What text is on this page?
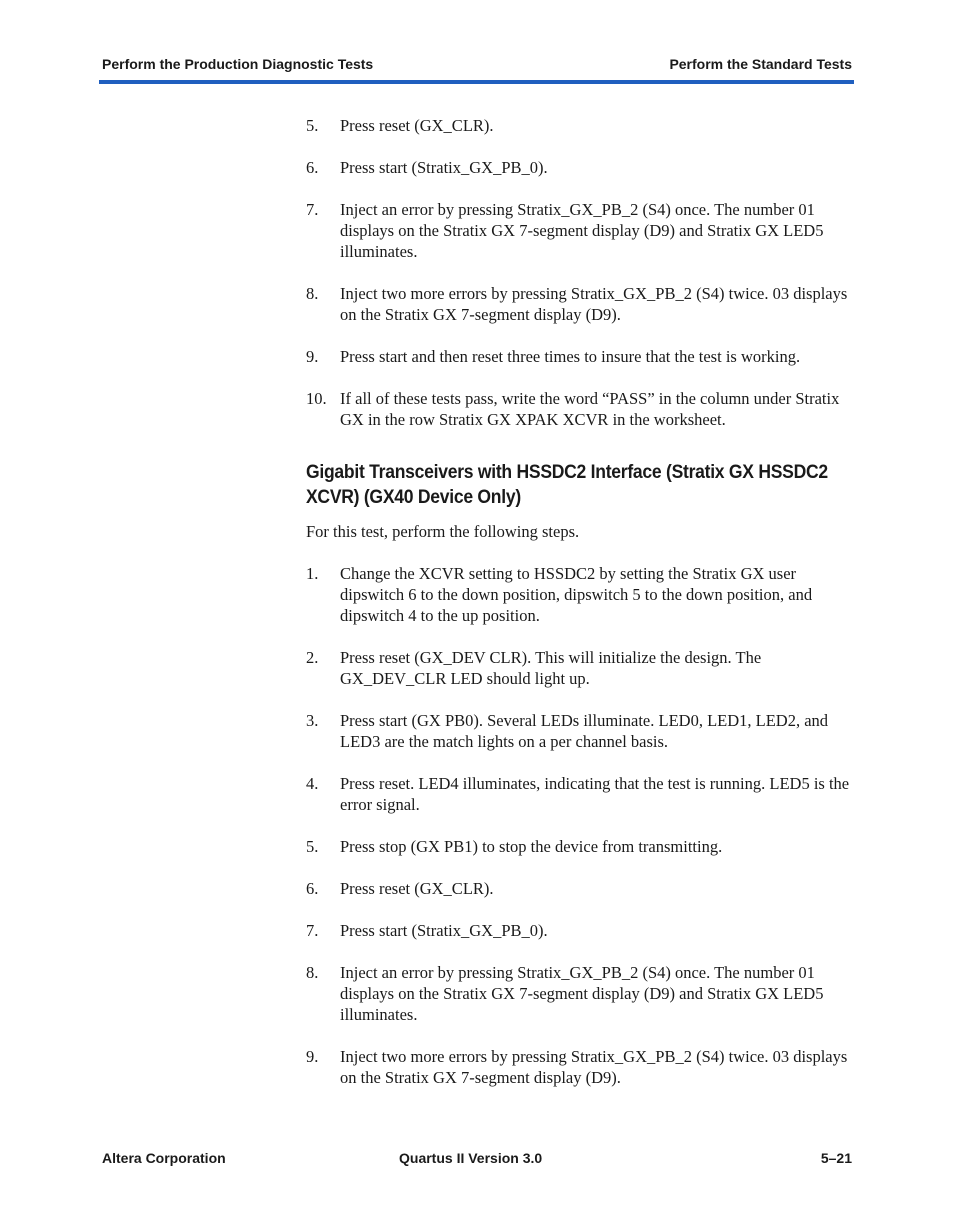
Perform the Production Diagnostic Tests	Perform the Standard Tests

5. Press reset (GX_CLR).

6. Press start (Stratix_GX_PB_0).

7. Inject an error by pressing Stratix_GX_PB_2 (S4) once. The number 01 displays on the Stratix GX 7-segment display (D9) and Stratix GX LED5 illuminates.

8. Inject two more errors by pressing Stratix_GX_PB_2 (S4) twice. 03 displays on the Stratix GX 7-segment display (D9).

9. Press start and then reset three times to insure that the test is working.

10. If all of these tests pass, write the word “PASS” in the column under Stratix GX in the row Stratix GX XPAK XCVR in the worksheet.

Gigabit Transceivers with HSSDC2 Interface (Stratix GX HSSDC2 XCVR) (GX40 Device Only)

For this test, perform the following steps.

1. Change the XCVR setting to HSSDC2 by setting the Stratix GX user dipswitch 6 to the down position, dipswitch 5 to the down position, and dipswitch 4 to the up position.

2. Press reset (GX_DEV CLR). This will initialize the design. The GX_DEV_CLR LED should light up.

3. Press start (GX PB0). Several LEDs illuminate. LED0, LED1, LED2, and LED3 are the match lights on a per channel basis.

4. Press reset. LED4 illuminates, indicating that the test is running. LED5 is the error signal.

5. Press stop (GX PB1) to stop the device from transmitting.

6. Press reset (GX_CLR).

7. Press start (Stratix_GX_PB_0).

8. Inject an error by pressing Stratix_GX_PB_2 (S4) once. The number 01 displays on the Stratix GX 7-segment display (D9) and Stratix GX LED5 illuminates.

9. Inject two more errors by pressing Stratix_GX_PB_2 (S4) twice. 03 displays on the Stratix GX 7-segment display (D9).

Altera Corporation	Quartus II Version 3.0	5–21
